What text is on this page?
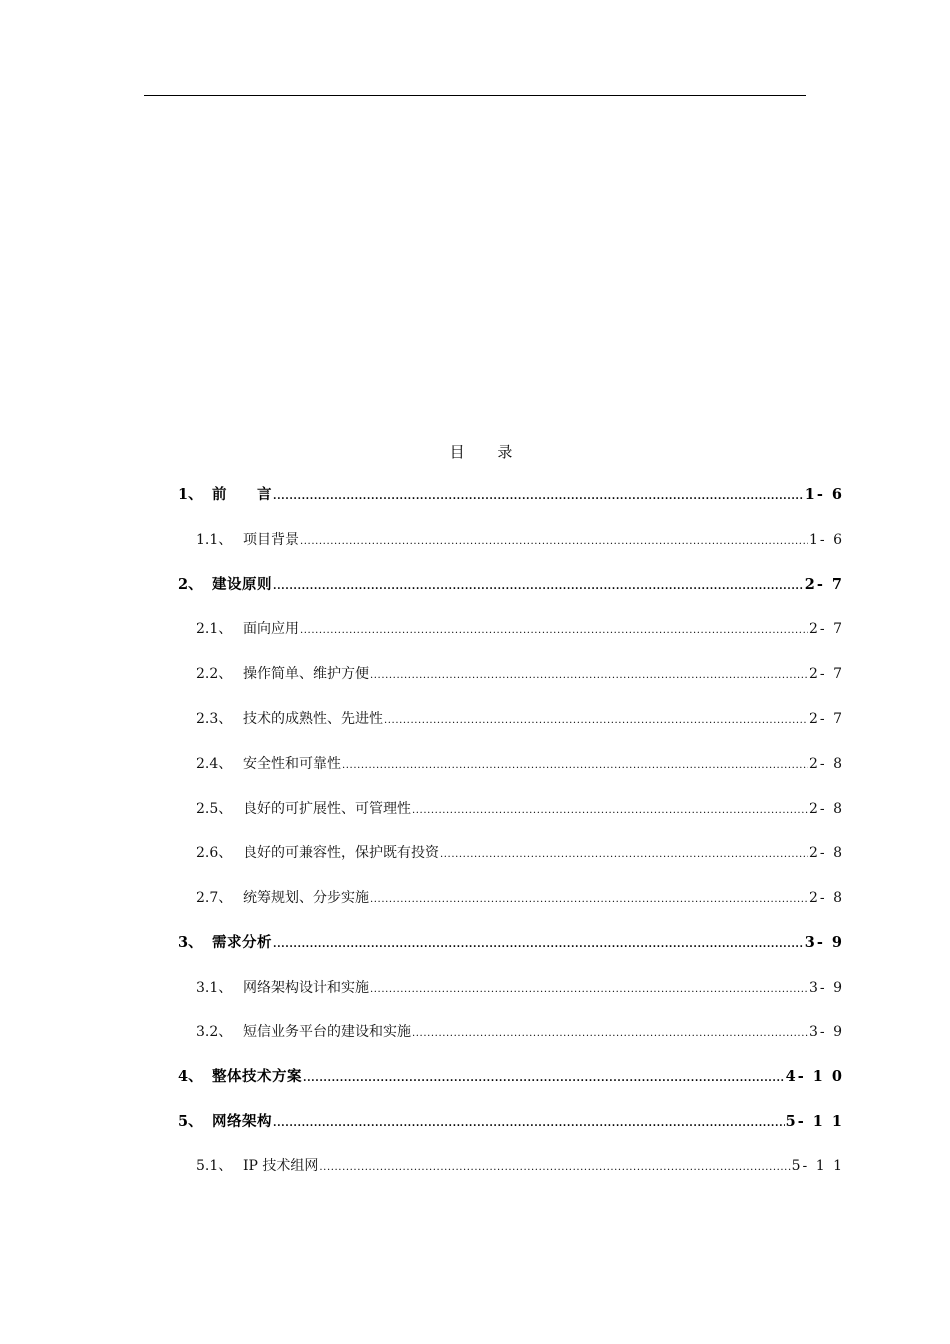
目 录
1、 前　　言 .....	1- 6
1.1、 项目背景 .....	1- 6
2、 建设原则 .....	2- 7
2.1、 面向应用 .....	2- 7
2.2、 操作简单、维护方便 .....	2- 7
2.3、 技术的成熟性、先进性 .....	2- 7
2.4、 安全性和可靠性 .....	2- 8
2.5、 良好的可扩展性、可管理性 .....	2- 8
2.6、 良好的可兼容性，保护既有投资 .....	2- 8
2.7、 统筹规划、分步实施 .....	2- 8
3、 需求分析 .....	3- 9
3.1、 网络架构设计和实施 .....	3- 9
3.2、 短信业务平台的建设和实施 .....	3- 9
4、 整体技术方案 .....	4- 1 0
5、 网络架构 .....	5- 1 1
5.1、 IP 技术组网 .....	5- 1 1
